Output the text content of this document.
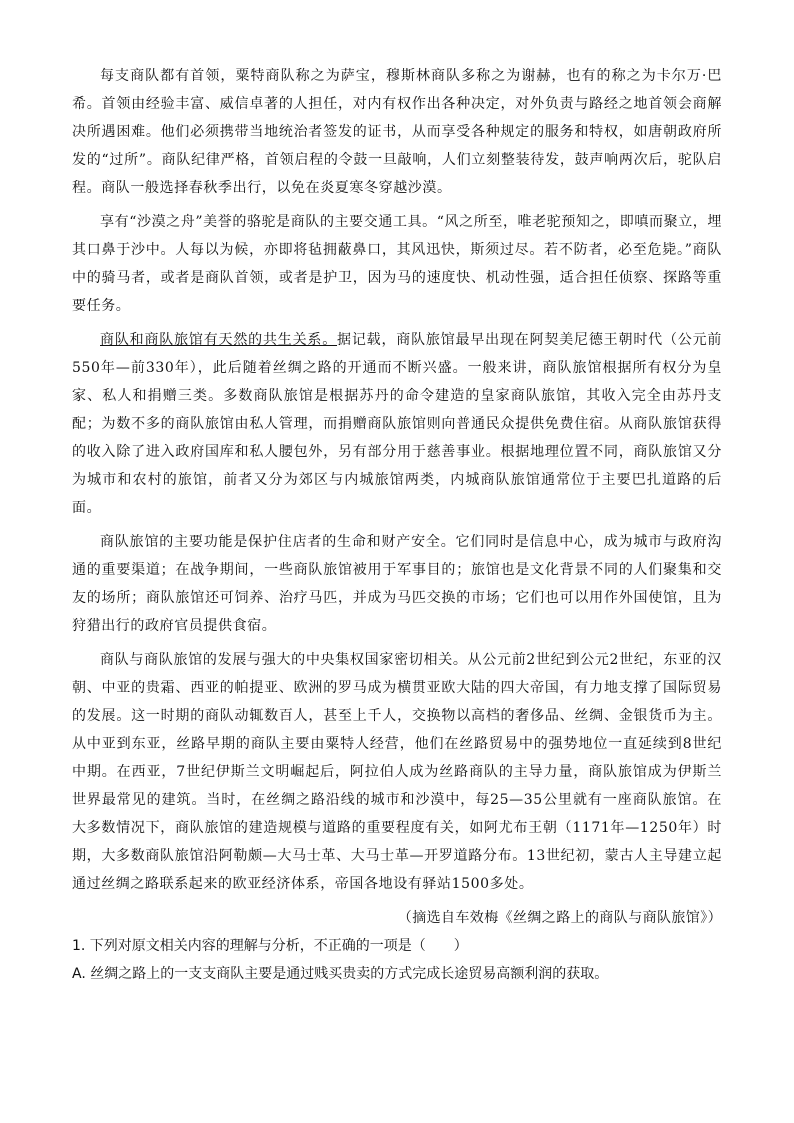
每支商队都有首领，粟特商队称之为萨宝，穆斯林商队多称之为谢赫，也有的称之为卡尔万·巴希。首领由经验丰富、威信卓著的人担任，对内有权作出各种决定，对外负责与路经之地首领会商解决所遇困难。他们必须携带当地统治者签发的证书，从而享受各种规定的服务和特权，如唐朝政府所发的“过所”。商队纪律严格，首领启程的令鼓一旦敲响，人们立刻整装待发，鼓声响两次后，驼队启程。商队一般选择春秋季出行，以免在炎夏寒冬穿越沙漠。

享有“沙漠之舟”美誉的骆驼是商队的主要交通工具。“风之所至，唯老驼预知之，即嗔而聚立，埋其口鼻于沙中。人每以为候，亦即将毡拥蔽鼻口，其风迅快，斯须过尽。若不防者，必至危毙。”商队中的骑马者，或者是商队首领，或者是护卫，因为马的速度快、机动性强，适合担任侦察、探路等重要任务。

商队和商队旅馆有天然的共生关系。据记载，商队旅馆最早出现在阿契美尼德王朝时代（公元前550年—前330年），此后随着丝绸之路的开通而不断兴盛。一般来讲，商队旅馆根据所有权分为皇家、私人和捐赠三类。多数商队旅馆是根据苏丹的命令建造的皇家商队旅馆，其收入完全由苏丹支配；为数不多的商队旅馆由私人管理，而捐赠商队旅馆则向普通民众提供免费住宿。从商队旅馆获得的收入除了进入政府国库和私人腰包外，另有部分用于慈善事业。根据地理位置不同，商队旅馆又分为城市和农村的旅馆，前者又分为郊区与内城旅馆两类，内城商队旅馆通常位于主要巴扎道路的后面。

商队旅馆的主要功能是保护住店者的生命和财产安全。它们同时是信息中心，成为城市与政府沟通的重要渠道；在战争期间，一些商队旅馆被用于军事目的；旅馆也是文化背景不同的人们聚集和交友的场所；商队旅馆还可饲养、治疗马匹，并成为马匹交换的市场；它们也可以用作外国使馆，且为狩猎出行的政府官员提供食宿。

商队与商队旅馆的发展与强大的中央集权国家密切相关。从公元前2世纪到公元2世纪，东亚的汉朝、中亚的贵霜、西亚的帕提亚、欧洲的罗马成为横贯亚欧大陆的四大帝国，有力地支撑了国际贸易的发展。这一时期的商队动辄数百人，甚至上千人，交换物以高档的奢侈品、丝绸、金银货币为主。从中亚到东亚，丝路早期的商队主要由粟特人经营，他们在丝路贸易中的强势地位一直延续到8世纪中期。在西亚，7世纪伊斯兰文明崛起后，阿拉伯人成为丝路商队的主导力量，商队旅馆成为伊斯兰世界最常见的建筑。当时，在丝绸之路沿线的城市和沙漠中，每25—35公里就有一座商队旅馆。在大多数情况下，商队旅馆的建造规模与道路的重要程度有关，如阿尤布王朝（1171年—1250年）时期，大多数商队旅馆沿阿勒颇—大马士革、大马士革—开罗道路分布。13世纪初，蒙古人主导建立起通过丝绸之路联系起来的欧亚经济体系，帝国各地设有驿站1500多处。

（摘选自车效梅《丝绸之路上的商队与商队旅馆》）

1. 下列对原文相关内容的理解与分析，不正确的一项是（　　）

A. 丝绸之路上的一支支商队主要是通过贱买贵卖的方式完成长途贸易高额利润的获取。
